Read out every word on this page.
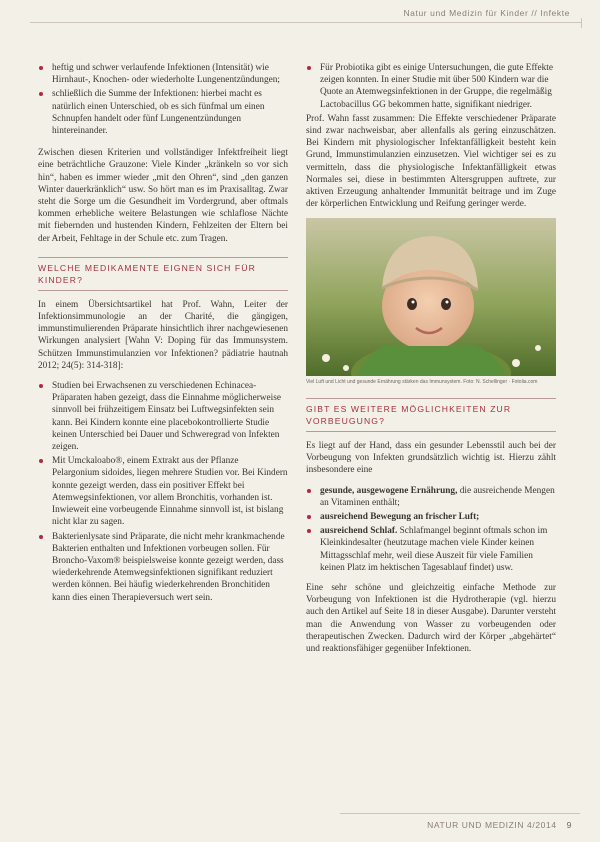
Natur und Medizin für Kinder // Infekte
heftig und schwer verlaufende Infektionen (Intensität) wie Hirnhaut-, Knochen- oder wiederholte Lungenentzündungen;
schließlich die Summe der Infektionen: hierbei macht es natürlich einen Unterschied, ob es sich fünfmal um einen Schnupfen handelt oder fünf Lungenentzündungen hintereinander.

Zwischen diesen Kriterien und vollständiger Infektfreiheit liegt eine beträchtliche Grauzone: Viele Kinder „kränkeln so vor sich hin“, haben es immer wieder „mit den Ohren“, sind „den ganzen Winter dauerkränklich“ usw. So hört man es im Praxisalltag. Zwar steht die Sorge um die Gesundheit im Vordergrund, aber oftmals kommen erhebliche weitere Belastungen wie schlaflose Nächte mit fiebernden und hustenden Kindern, Fehlzeiten der Eltern bei der Arbeit, Fehltage in der Schule etc. zum Tragen.

WELCHE MEDIKAMENTE EIGNEN SICH FÜR KINDER?

In einem Übersichtsartikel hat Prof. Wahn, Leiter der Infektionsimmunologie an der Charité, die gängigen, immunstimulierenden Präparate hinsichtlich ihrer nachgewiesenen Wirkungen analysiert [Wahn V: Doping für das Immunsystem. Schützen Immunstimulanzien vor Infektionen? pädiatrie hautnah 2012; 24(5): 314-318]:

Studien bei Erwachsenen zu verschiedenen Echinacea-Präparaten haben gezeigt, dass die Einnahme möglicherweise sinnvoll bei frühzeitigem Einsatz bei Luftwegsinfekten sein kann. Bei Kindern konnte eine placebokontrollierte Studie keinen Unterschied bei Dauer und Schweregrad von Infekten zeigen.
Mit Umckaloabo®, einem Extrakt aus der Pflanze Pelargonium sidoides, liegen mehrere Studien vor. Bei Kindern konnte gezeigt werden, dass ein positiver Effekt bei Atemwegsinfektionen, vor allem Bronchitis, vorhanden ist. Inwieweit eine vorbeugende Einnahme sinnvoll ist, ist bislang nicht klar zu sagen.
Bakterienlysate sind Präparate, die nicht mehr krankmachende Bakterien enthalten und Infektionen vorbeugen sollen. Für Broncho-Vaxom® beispielsweise konnte gezeigt werden, dass wiederkehrende Atemwegsinfektionen signifikant reduziert werden können. Bei häufig wiederkehrenden Bronchitiden kann dies einen Therapieversuch wert sein.
Für Probiotika gibt es einige Untersuchungen, die gute Effekte zeigen konnten. In einer Studie mit über 500 Kindern war die Quote an Atemwegsinfektionen in der Gruppe, die regelmäßig Lactobacillus GG bekommen hatte, signifikant niedriger.

Prof. Wahn fasst zusammen: Die Effekte verschiedener Präparate sind zwar nachweisbar, aber allenfalls als gering einzuschätzen. Bei Kindern mit physiologischer Infektanfälligkeit besteht kein Grund, Immunstimulanzien einzusetzen. Viel wichtiger sei es zu vermitteln, dass die physiologische Infektanfälligkeit etwas Normales sei, diese in bestimmten Altersgruppen auftrete, zur aktiven Erzeugung anhaltender Immunität beitrage und im Zuge der körperlichen Entwicklung und Reifung geringer werde.

Viel Luft und Licht und gesunde Ernährung stärken das Immunsystem. Foto: N. Schellinger · Fotolia.com
GIBT ES WEITERE MÖGLICHKEITEN ZUR VORBEUGUNG?

Es liegt auf der Hand, dass ein gesunder Lebensstil auch bei der Vorbeugung von Infekten grundsätzlich wichtig ist. Hierzu zählt insbesondere eine

gesunde, ausgewogene Ernährung, die ausreichende Mengen an Vitaminen enthält;
ausreichend Bewegung an frischer Luft;
ausreichend Schlaf. Schlafmangel beginnt oftmals schon im Kleinkindesalter (heutzutage machen viele Kinder keinen Mittagsschlaf mehr, weil diese Auszeit für viele Familien keinen Platz im hektischen Tagesablauf findet) usw.

Eine sehr schöne und gleichzeitig einfache Methode zur Vorbeugung von Infektionen ist die Hydrotherapie (vgl. hierzu auch den Artikel auf Seite 18 in dieser Ausgabe). Darunter versteht man die Anwendung von Wasser zu vorbeugenden oder therapeutischen Zwecken. Dadurch wird der Körper „abgehärtet“ und reaktionsfähiger gegenüber Infektionen.

NATUR UND MEDIZIN 4/2014 9
